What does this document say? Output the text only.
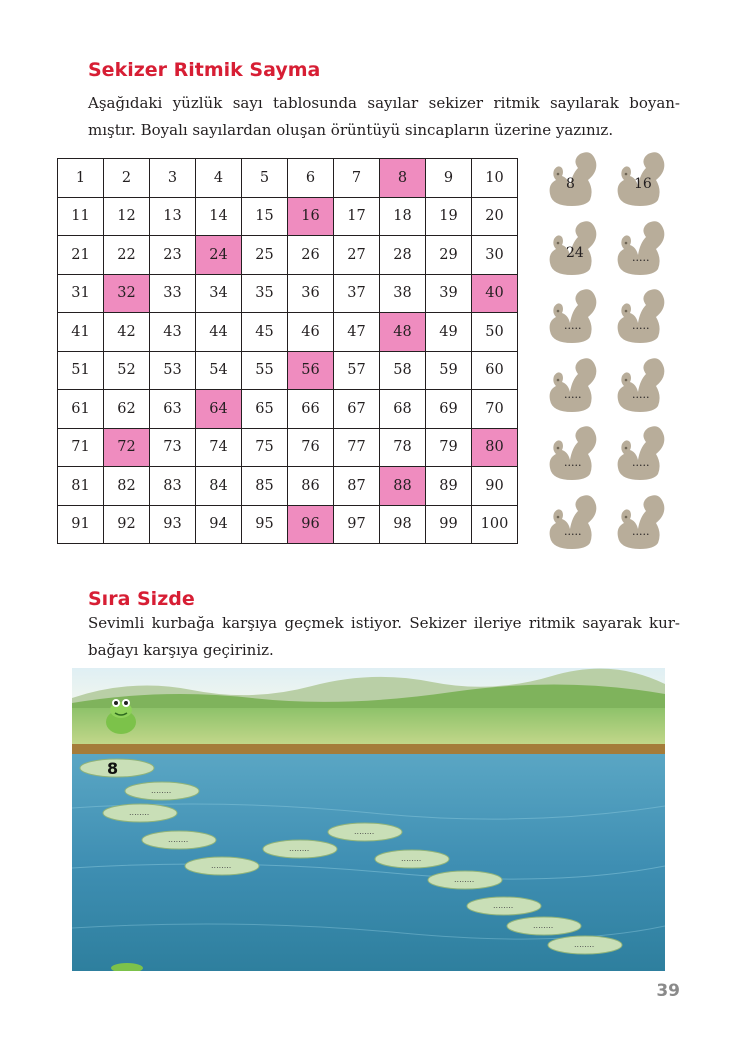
Sekizer Ritmik Sayma
Aşağıdaki yüzlük sayı tablosunda sayılar sekizer ritmik sayılarak boyan-
mıştır. Boyalı sayılardan oluşan örüntüyü sincapların üzerine yazınız.
1	2	3	4	5	6	7	8	9	10
11	12	13	14	15	16	17	18	19	20
21	22	23	24	25	26	27	28	29	30
31	32	33	34	35	36	37	38	39	40
41	42	43	44	45	46	47	48	49	50
51	52	53	54	55	56	57	58	59	60
61	62	63	64	65	66	67	68	69	70
71	72	73	74	75	76	77	78	79	80
81	82	83	84	85	86	87	88	89	90
91	92	93	94	95	96	97	98	99	100
8	16
24	.....
.....	.....
.....	.....
.....	.....
.....	.....
Sıra Sizde
Sevimli kurbağa karşıya geçmek istiyor. Sekizer ileriye ritmik sayarak kur-
bağayı karşıya geçiriniz.
8
........
........
........
........
........
........
........
........
........
........
........
39
